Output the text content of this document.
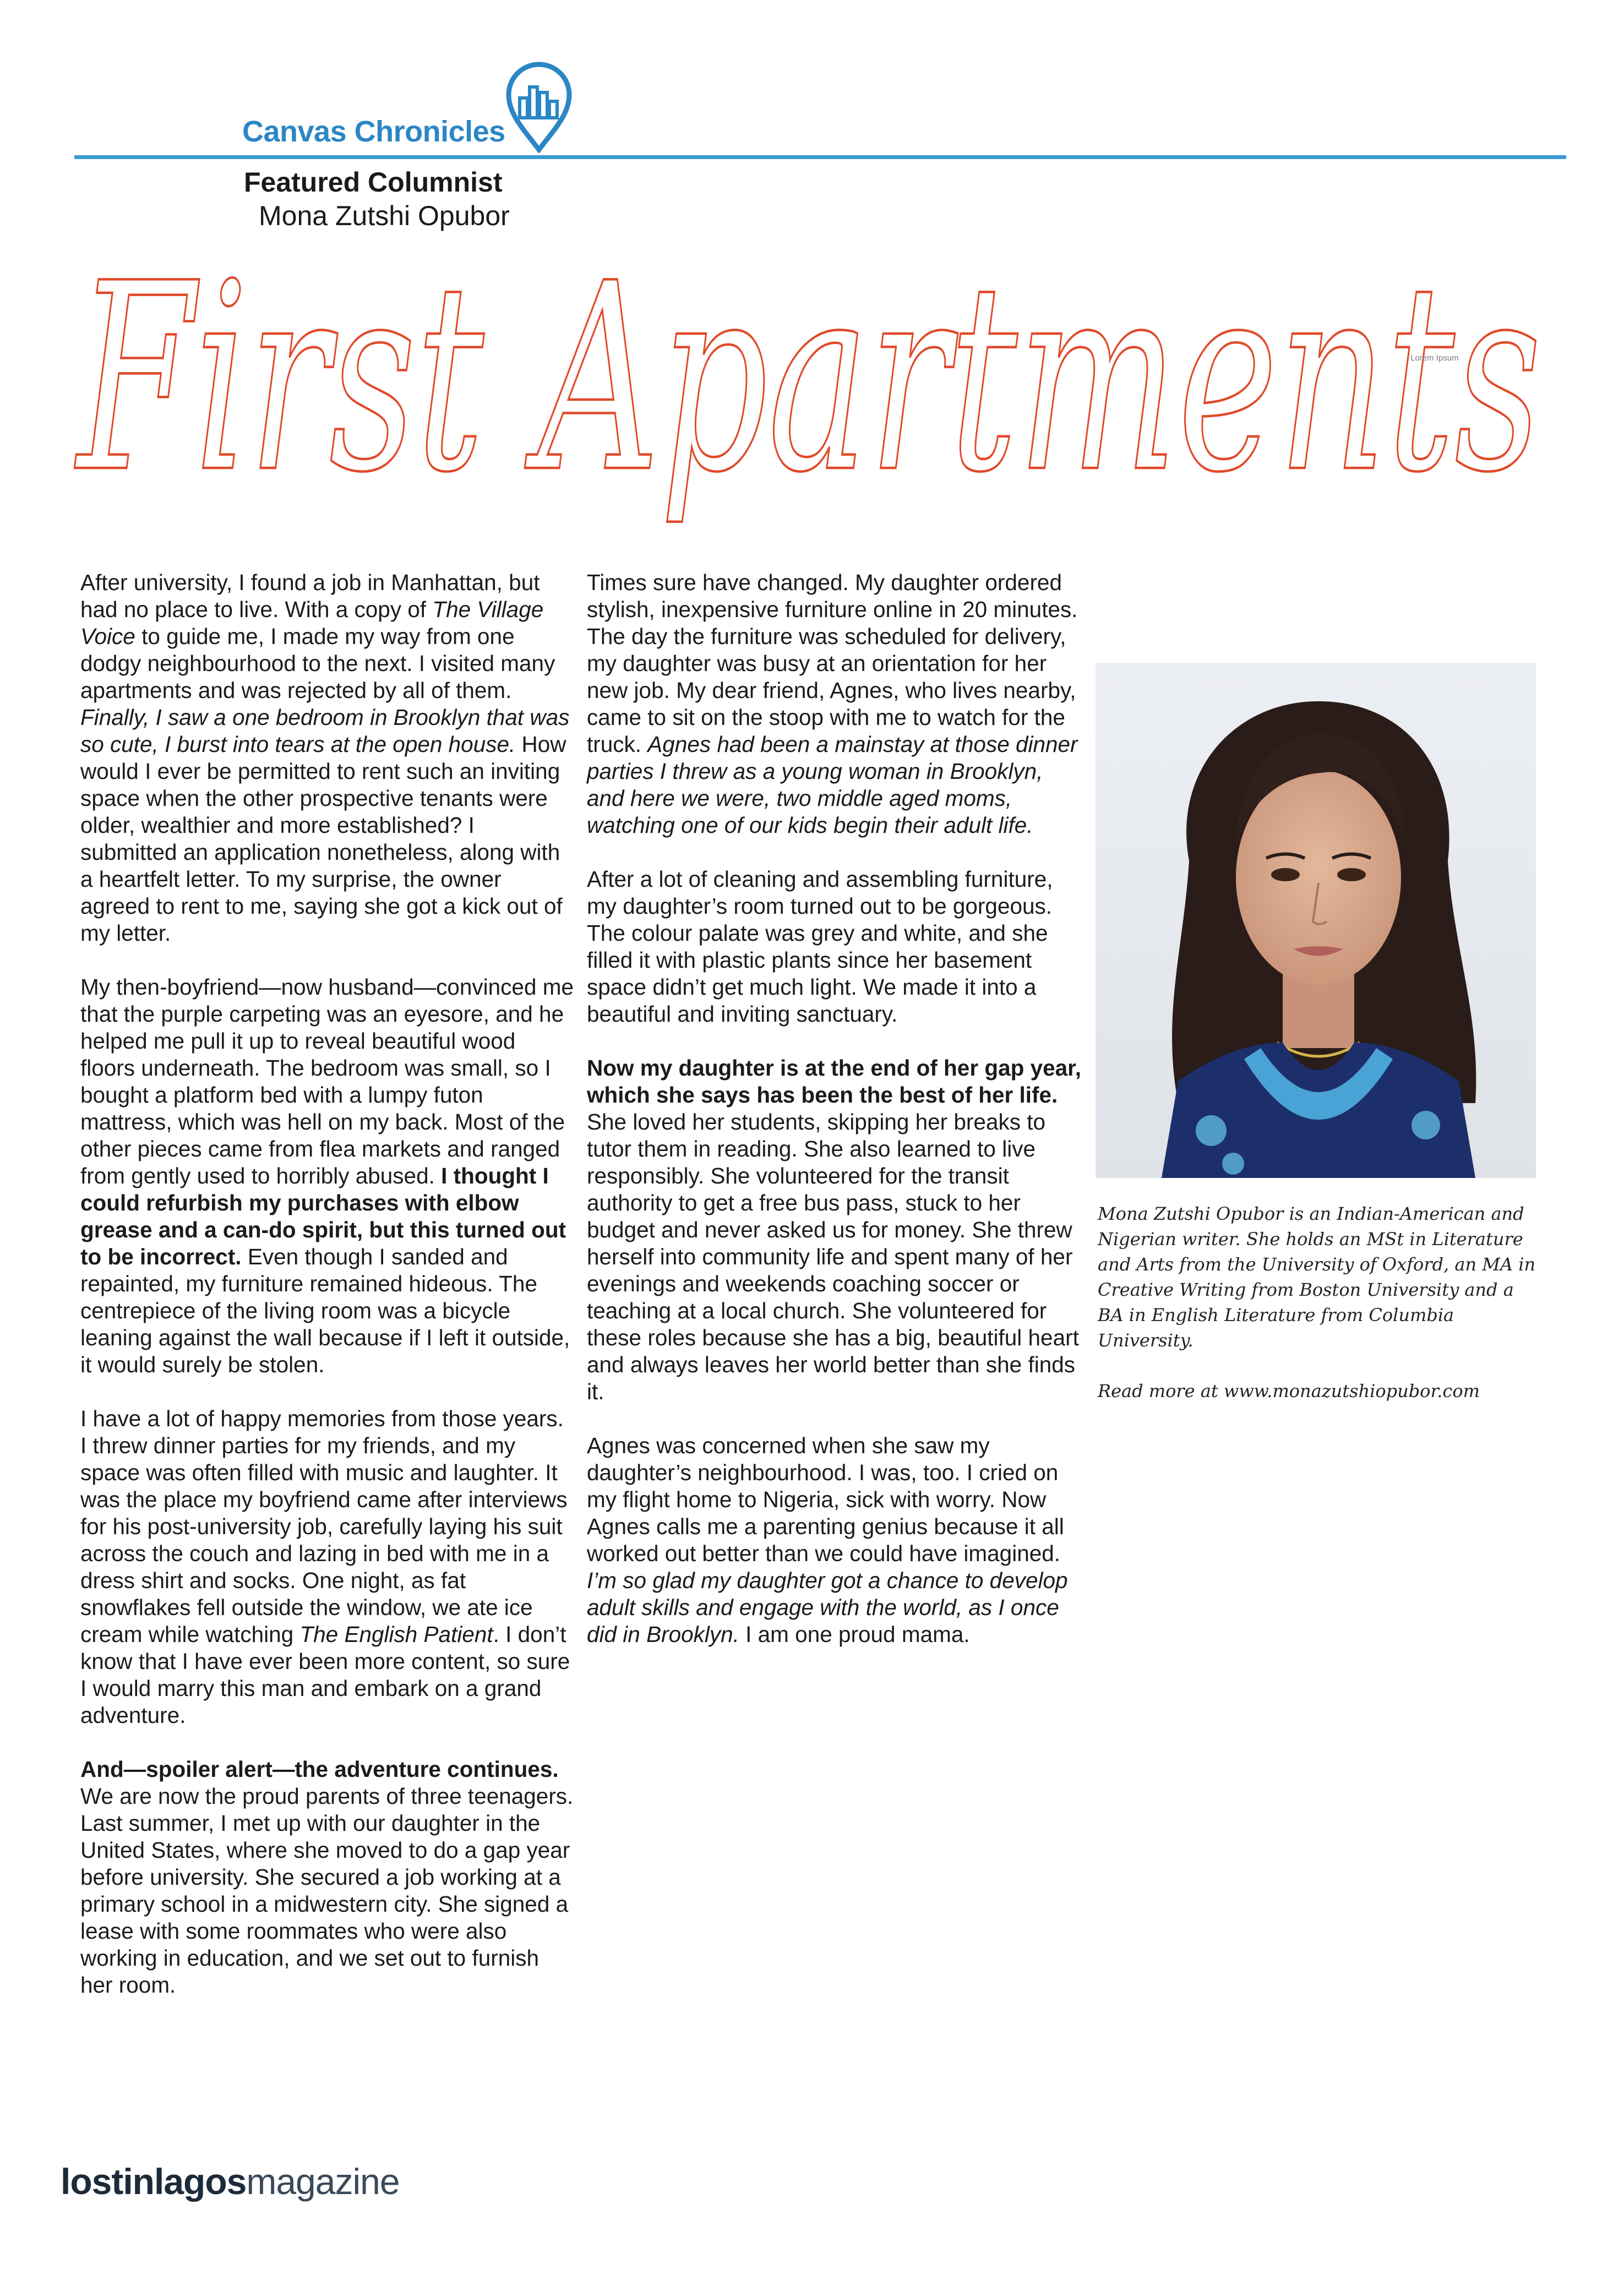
Canvas Chronicles
Featured Columnist
Mona Zutshi Opubor
First Apartments
Lorem Ipsum

After university, I found a job in Manhattan, but had no place to live. With a copy of The Village Voice to guide me, I made my way from one dodgy neighbourhood to the next. I visited many apartments and was rejected by all of them. Finally, I saw a one bedroom in Brooklyn that was so cute, I burst into tears at the open house. How would I ever be permitted to rent such an inviting space when the other prospective tenants were older, wealthier and more established? I submitted an application nonetheless, along with a heartfelt letter. To my surprise, the owner agreed to rent to me, saying she got a kick out of my letter.

My then-boyfriend—now husband—convinced me that the purple carpeting was an eyesore, and he helped me pull it up to reveal beautiful wood floors underneath. The bedroom was small, so I bought a platform bed with a lumpy futon mattress, which was hell on my back. Most of the other pieces came from flea markets and ranged from gently used to horribly abused. I thought I could refurbish my purchases with elbow grease and a can-do spirit, but this turned out to be incorrect. Even though I sanded and repainted, my furniture remained hideous. The centrepiece of the living room was a bicycle leaning against the wall because if I left it outside, it would surely be stolen.

I have a lot of happy memories from those years. I threw dinner parties for my friends, and my space was often filled with music and laughter. It was the place my boyfriend came after interviews for his post-university job, carefully laying his suit across the couch and lazing in bed with me in a dress shirt and socks. One night, as fat snowflakes fell outside the window, we ate ice cream while watching The English Patient. I don’t know that I have ever been more content, so sure I would marry this man and embark on a grand adventure.

And—spoiler alert—the adventure continues. We are now the proud parents of three teenagers. Last summer, I met up with our daughter in the United States, where she moved to do a gap year before university. She secured a job working at a primary school in a midwestern city. She signed a lease with some roommates who were also working in education, and we set out to furnish her room.

Times sure have changed. My daughter ordered stylish, inexpensive furniture online in 20 minutes. The day the furniture was scheduled for delivery, my daughter was busy at an orientation for her new job. My dear friend, Agnes, who lives nearby, came to sit on the stoop with me to watch for the truck. Agnes had been a mainstay at those dinner parties I threw as a young woman in Brooklyn, and here we were, two middle aged moms, watching one of our kids begin their adult life.

After a lot of cleaning and assembling furniture, my daughter’s room turned out to be gorgeous. The colour palate was grey and white, and she filled it with plastic plants since her basement space didn’t get much light. We made it into a beautiful and inviting sanctuary.

Now my daughter is at the end of her gap year, which she says has been the best of her life. She loved her students, skipping her breaks to tutor them in reading. She also learned to live responsibly. She volunteered for the transit authority to get a free bus pass, stuck to her budget and never asked us for money. She threw herself into community life and spent many of her evenings and weekends coaching soccer or teaching at a local church. She volunteered for these roles because she has a big, beautiful heart and always leaves her world better than she finds it.

Agnes was concerned when she saw my daughter’s neighbourhood. I was, too. I cried on my flight home to Nigeria, sick with worry. Now Agnes calls me a parenting genius because it all worked out better than we could have imagined. I’m so glad my daughter got a chance to develop adult skills and engage with the world, as I once did in Brooklyn. I am one proud mama.

Mona Zutshi Opubor is an Indian-American and Nigerian writer. She holds an MSt in Literature and Arts from the University of Oxford, an MA in Creative Writing from Boston University and a BA in English Literature from Columbia University.

Read more at www.monazutshiopubor.com

lostinlagosmagazine
